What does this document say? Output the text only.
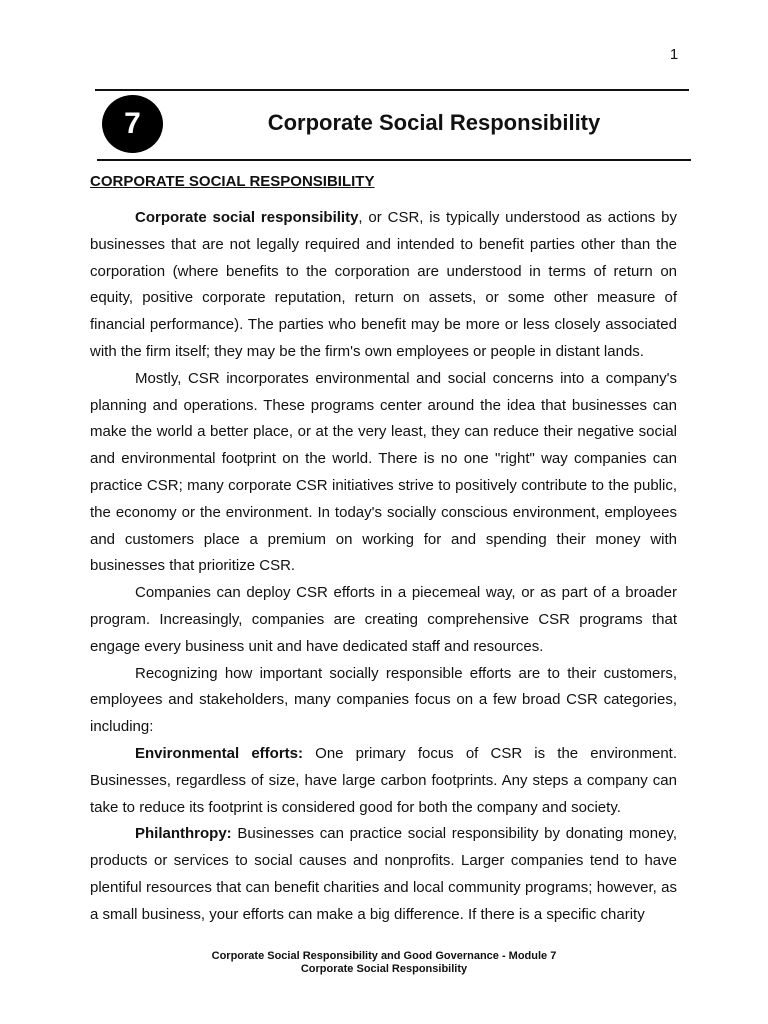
1
7	Corporate Social Responsibility
CORPORATE SOCIAL RESPONSIBILITY

Corporate social responsibility, or CSR, is typically understood as actions by businesses that are not legally required and intended to benefit parties other than the corporation (where benefits to the corporation are understood in terms of return on equity, positive corporate reputation, return on assets, or some other measure of financial performance). The parties who benefit may be more or less closely associated with the firm itself; they may be the firm's own employees or people in distant lands.

Mostly, CSR incorporates environmental and social concerns into a company's planning and operations. These programs center around the idea that businesses can make the world a better place, or at the very least, they can reduce their negative social and environmental footprint on the world. There is no one "right" way companies can practice CSR; many corporate CSR initiatives strive to positively contribute to the public, the economy or the environment. In today's socially conscious environment, employees and customers place a premium on working for and spending their money with businesses that prioritize CSR.

Companies can deploy CSR efforts in a piecemeal way, or as part of a broader program. Increasingly, companies are creating comprehensive CSR programs that engage every business unit and have dedicated staff and resources.

Recognizing how important socially responsible efforts are to their customers, employees and stakeholders, many companies focus on a few broad CSR categories, including:

Environmental efforts: One primary focus of CSR is the environment. Businesses, regardless of size, have large carbon footprints. Any steps a company can take to reduce its footprint is considered good for both the company and society.

Philanthropy: Businesses can practice social responsibility by donating money, products or services to social causes and nonprofits. Larger companies tend to have plentiful resources that can benefit charities and local community programs; however, as a small business, your efforts can make a big difference. If there is a specific charity

Corporate Social Responsibility and Good Governance - Module 7
Corporate Social Responsibility
